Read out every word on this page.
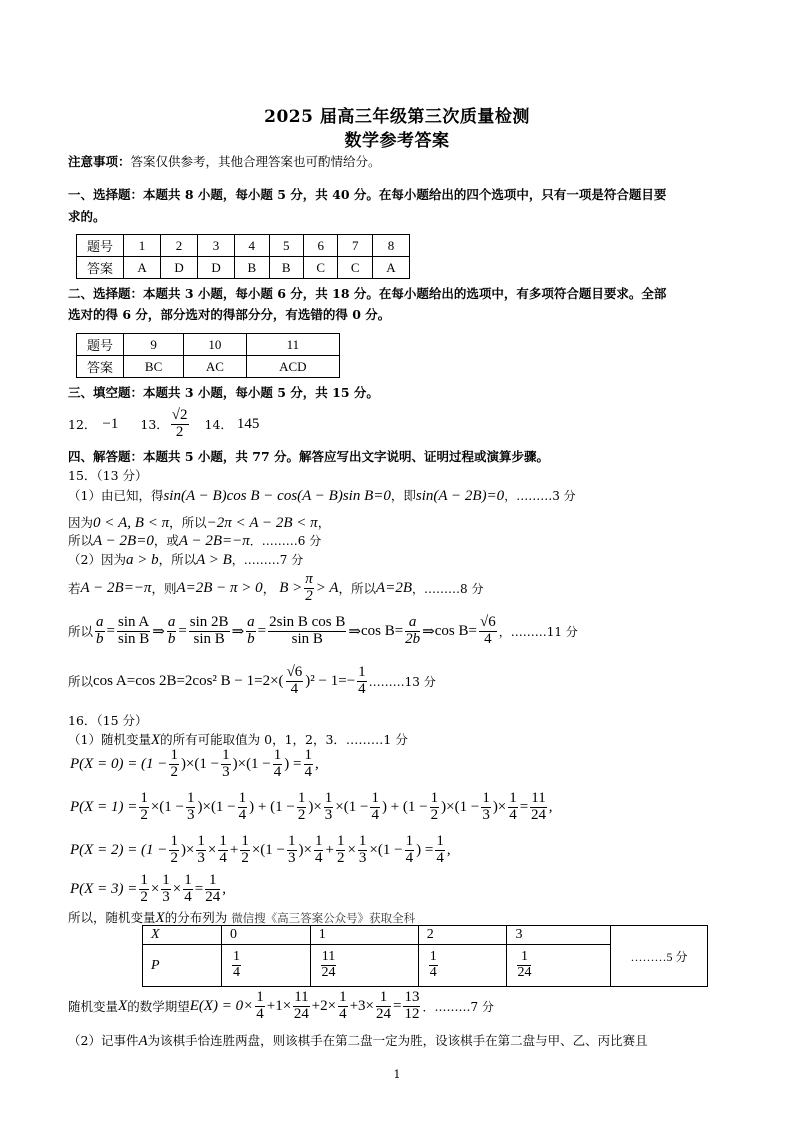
2025 届高三年级第三次质量检测
数学参考答案
注意事项：答案仅供参考，其他合理答案也可酌情给分。
一、选择题：本题共 8 小题，每小题 5 分，共 40 分。在每小题给出的四个选项中，只有一项是符合题目要
求的。
题号	1	2	3	4	5	6	7	8
答案	A	D	D	B	B	C	C	A
二、选择题：本题共 3 小题，每小题 6 分，共 18 分。在每小题给出的选项中，有多项符合题目要求。全部
选对的得 6 分，部分选对的得部分分，有选错的得 0 分。
题号	9	10	11
答案	BC	AC	ACD
三、填空题：本题共 3 小题，每小题 5 分，共 15 分。
12． −1 13． $\frac{√2}{2} 14$． 145
四、解答题：本题共 5 小题，共 77 分。解答应写出文字说明、证明过程或演算步骤。
15．（13 分）
（1）由已知，得sin(A − B)cos B − cos(A − B)sin B=0，即sin(A − 2B)=0，………3 分
因为0 < A, B < π，所以−2π < A − 2B < π，
所以A − 2B=0，或A − 2B=−π．………6 分
（2）因为a > b，所以A > B，………7 分
若 A − 2B=−π ，则 A=2B − π > 0 ， $B > \frac{\pi}{2} > A$ ，所以 A=2B ，………8 分
所以 $\frac{a}{b} = \frac{\text{sin A}}{\text{sin B}}$ ⇒ $\frac{a}{b} = \frac{\sin 2B}{\text{sin B}}$ ⇒ $\frac{a}{b} = \frac{\text{2sin B cos B}}{\text{sin B}}$ ⇒ $\cos B= \frac{a}{2b}$ ⇒ $\cos B= \frac{√6}{4}$ ，………11 分
所以 cos A=cos 2B=2cos² $B - 1=2\times( \frac{√6}{4} )^2 - 1=- \frac{1}{4}$ ………13 分
16．（15 分）
（1）随机变量X的所有可能取值为 0，1，2，3．………1 分
$P(X = 0) = (1 - \frac{1}{2} )\times(1 - \frac{1}{3} )\times(1 - \frac{1}{4}$ ) = $\frac{1}{4}$ ,
$P(X = 1) = \frac{1}{2} \times(1 - \frac{1}{3} )\times(1 - \frac{1}{4}$ ) + ($1 - \frac{1}{2}$ )× $\frac{1}{3} \times(1 - \frac{1}{4}$ ) + $(1 - \frac{1}{2} )\times(1 - \frac{1}{3}$ )× $\frac{1}{4} = \frac{11}{24}$ ,
$P(X = 2) = (1 - \frac{1}{2}$ )× $\frac{1}{3} \times \frac{1}{4} + \frac{1}{2} \times(1 - \frac{1}{3}$ )× $\frac{1}{4} + \frac{1}{2} \times \frac{1}{3} \times(1 - \frac{1}{4}$ ) = $\frac{1}{4}$ ,
$P(X = 3) = \frac{1}{2} \times \frac{1}{3} \times \frac{1}{4} = \frac{1}{24}$ ,
所以，随机变量X的分布列为 微信搜《高三答案公众号》获取全科
X	0	1	2	3	………5 分
P	$\frac{1}{4}$	$\frac{11}{24}$	$\frac{1}{4}$	$\frac{1}{24}$
随机变量 X 的数学期望 $E(X) = 0\times \frac{1}{4} +1\times \frac{11}{24} +2\times \frac{1}{4} +3\times \frac{1}{24} = \frac{13}{12}$ ．………7 分
（2）记事件A为该棋手恰连胜两盘，则该棋手在第二盘一定为胜，设该棋手在第二盘与甲、乙、丙比赛且
1
